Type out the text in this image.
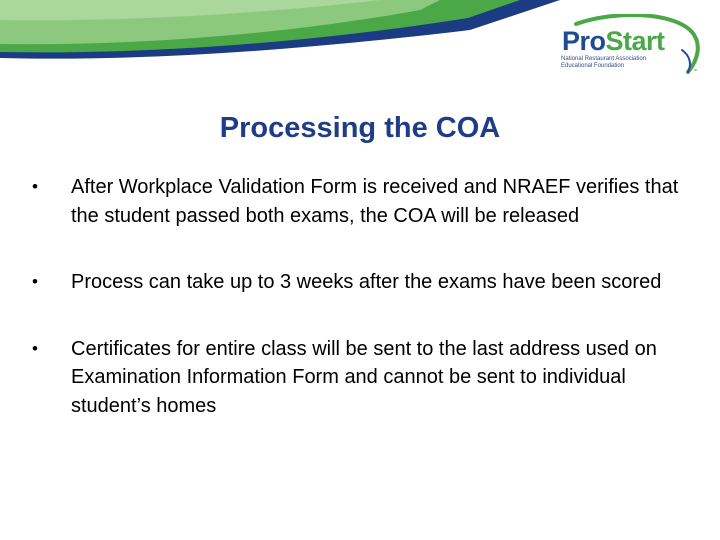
ProStart
National Restaurant Association
Educational Foundation
™
Processing the COA
• After Workplace Validation Form is received and NRAEF verifies that the student passed both exams, the COA will be released
• Process can take up to 3 weeks after the exams have been scored
• Certificates for entire class will be sent to the last address used on Examination Information Form and cannot be sent to individual student’s homes
